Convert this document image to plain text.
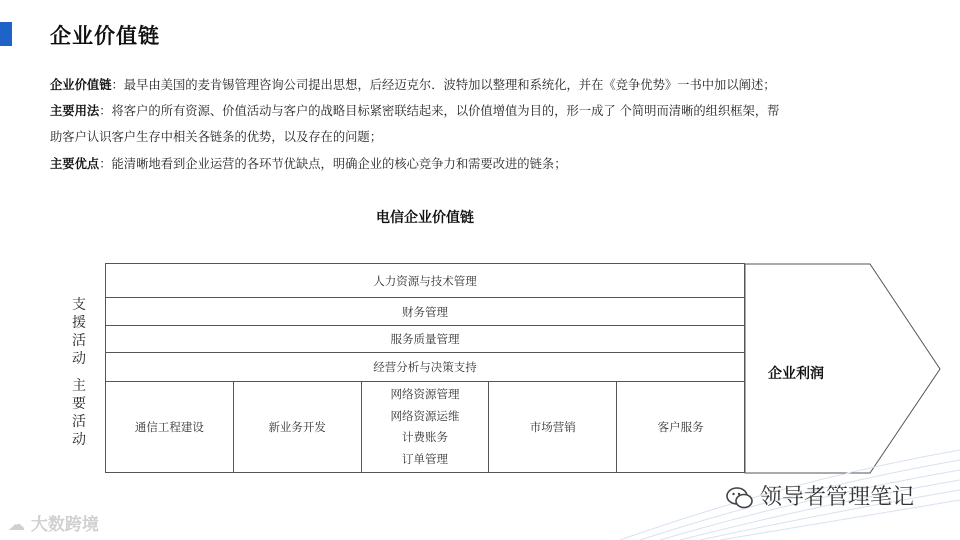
企业价值链
企业价值链：最早由美国的麦肯锡管理咨询公司提出思想，后经迈克尔．波特加以整理和系统化，并在《竞争优势》一书中加以阐述；
主要用法：将客户的所有资源、价值活动与客户的战略目标紧密联结起来，以价值增值为目的，形一成了 个简明而清晰的组织框架，帮
助客户认识客户生存中相关各链条的优势，以及存在的问题；
主要优点：能清晰地看到企业运营的各环节优缺点，明确企业的核心竞争力和需要改进的链条；
电信企业价值链
支援活动
主要活动
人力资源与技术管理
财务管理
服务质量管理
经营分析与决策支持
通信工程建设	新业务开发
网络资源管理
网络资源运维
计费账务
订单管理
市场营销	客户服务
企业利润
领导者管理笔记
☁ 大数跨境
